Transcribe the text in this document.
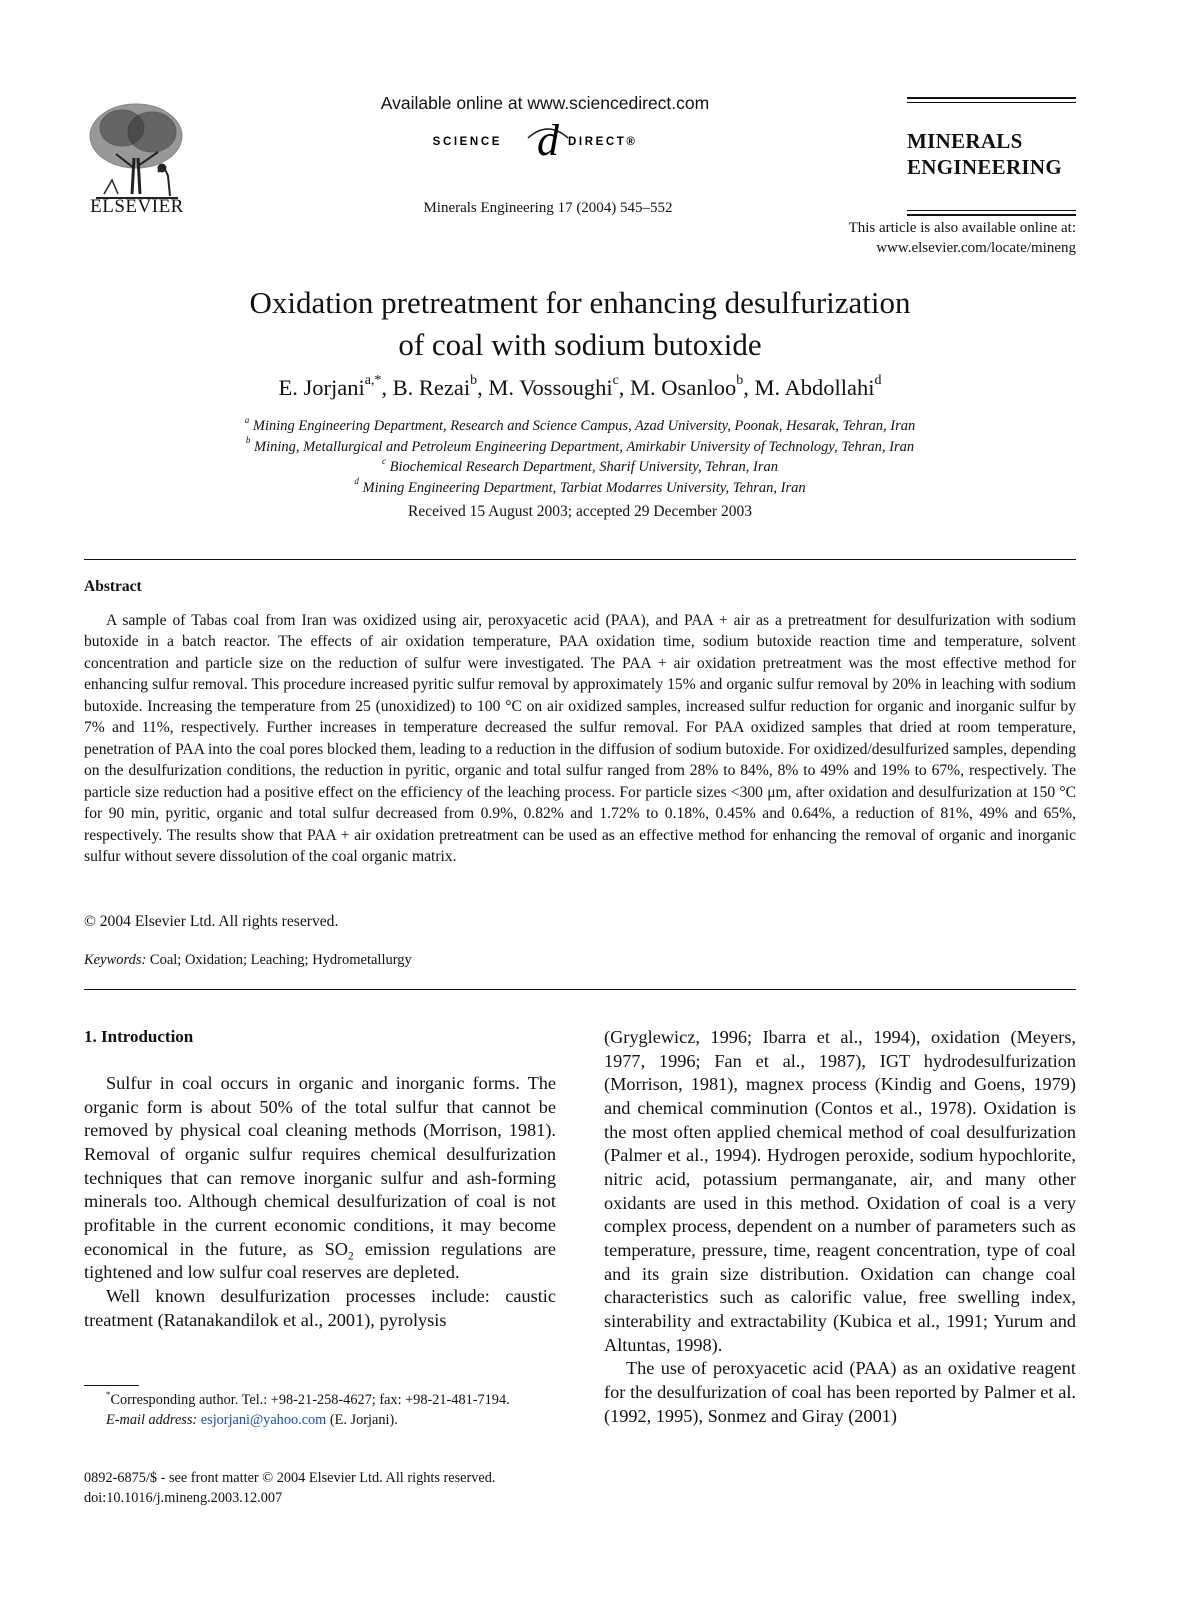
ELSEVIER
Available online at www.sciencedirect.com
SCIENCE d DIRECT®
Minerals Engineering 17 (2004) 545–552
MINERALS
ENGINEERING
This article is also available online at:
www.elsevier.com/locate/mineng
Oxidation pretreatment for enhancing desulfurization
of coal with sodium butoxide
E. Jorjani$^{a,*}$, B. Rezai$^b$, M. Vossoughi$^c$, M. Osanloo$^b$, M. Abdollahi$^d$
$^a$ Mining Engineering Department, Research and Science Campus, Azad University, Poonak, Hesarak, Tehran, Iran
$^b$ Mining, Metallurgical and Petroleum Engineering Department, Amirkabir University of Technology, Tehran, Iran
$^c$ Biochemical Research Department, Sharif University, Tehran, Iran
$^d$ Mining Engineering Department, Tarbiat Modarres University, Tehran, Iran
Received 15 August 2003; accepted 29 December 2003
Abstract
A sample of Tabas coal from Iran was oxidized using air, peroxyacetic acid (PAA), and PAA + air as a pretreatment for desulfurization with sodium butoxide in a batch reactor. The effects of air oxidation temperature, PAA oxidation time, sodium butoxide reaction time and temperature, solvent concentration and particle size on the reduction of sulfur were investigated. The PAA + air oxidation pretreatment was the most effective method for enhancing sulfur removal. This procedure increased pyritic sulfur removal by approximately 15% and organic sulfur removal by 20% in leaching with sodium butoxide. Increasing the temperature from 25 (unoxidized) to 100 °C on air oxidized samples, increased sulfur reduction for organic and inorganic sulfur by 7% and 11%, respectively. Further increases in temperature decreased the sulfur removal. For PAA oxidized samples that dried at room temperature, penetration of PAA into the coal pores blocked them, leading to a reduction in the diffusion of sodium butoxide. For oxidized/desulfurized samples, depending on the desulfurization conditions, the reduction in pyritic, organic and total sulfur ranged from 28% to 84%, 8% to 49% and 19% to 67%, respectively. The particle size reduction had a positive effect on the efficiency of the leaching process. For particle sizes <300 μm, after oxidation and desulfurization at 150 °C for 90 min, pyritic, organic and total sulfur decreased from 0.9%, 0.82% and 1.72% to 0.18%, 0.45% and 0.64%, a reduction of 81%, 49% and 65%, respectively. The results show that PAA + air oxidation pretreatment can be used as an effective method for enhancing the removal of organic and inorganic sulfur without severe dissolution of the coal organic matrix.
© 2004 Elsevier Ltd. All rights reserved.
Keywords: Coal; Oxidation; Leaching; Hydrometallurgy
1. Introduction

Sulfur in coal occurs in organic and inorganic forms. The organic form is about 50% of the total sulfur that cannot be removed by physical coal cleaning methods (Morrison, 1981). Removal of organic sulfur requires chemical desulfurization techniques that can remove inorganic sulfur and ash-forming minerals too. Although chemical desulfurization of coal is not profitable in the current economic conditions, it may become economical in the future, as $SO_2$ emission regulations are tightened and low sulfur coal reserves are depleted.

Well known desulfurization processes include: caustic treatment (Ratanakandilok et al., 2001), pyrolysis

(Gryglewicz, 1996; Ibarra et al., 1994), oxidation (Meyers, 1977, 1996; Fan et al., 1987), IGT hydrodesulfurization (Morrison, 1981), magnex process (Kindig and Goens, 1979) and chemical comminution (Contos et al., 1978). Oxidation is the most often applied chemical method of coal desulfurization (Palmer et al., 1994). Hydrogen peroxide, sodium hypochlorite, nitric acid, potassium permanganate, air, and many other oxidants are used in this method. Oxidation of coal is a very complex process, dependent on a number of parameters such as temperature, pressure, time, reagent concentration, type of coal and its grain size distribution. Oxidation can change coal characteristics such as calorific value, free swelling index, sinterability and extractability (Kubica et al., 1991; Yurum and Altuntas, 1998).

The use of peroxyacetic acid (PAA) as an oxidative reagent for the desulfurization of coal has been reported by Palmer et al. (1992, 1995), Sonmez and Giray (2001)

*Corresponding author. Tel.: +98-21-258-4627; fax: +98-21-481-7194.
E-mail address: esjorjani@yahoo.com (E. Jorjani).
0892-6875/$ - see front matter © 2004 Elsevier Ltd. All rights reserved.
doi:10.1016/j.mineng.2003.12.007
